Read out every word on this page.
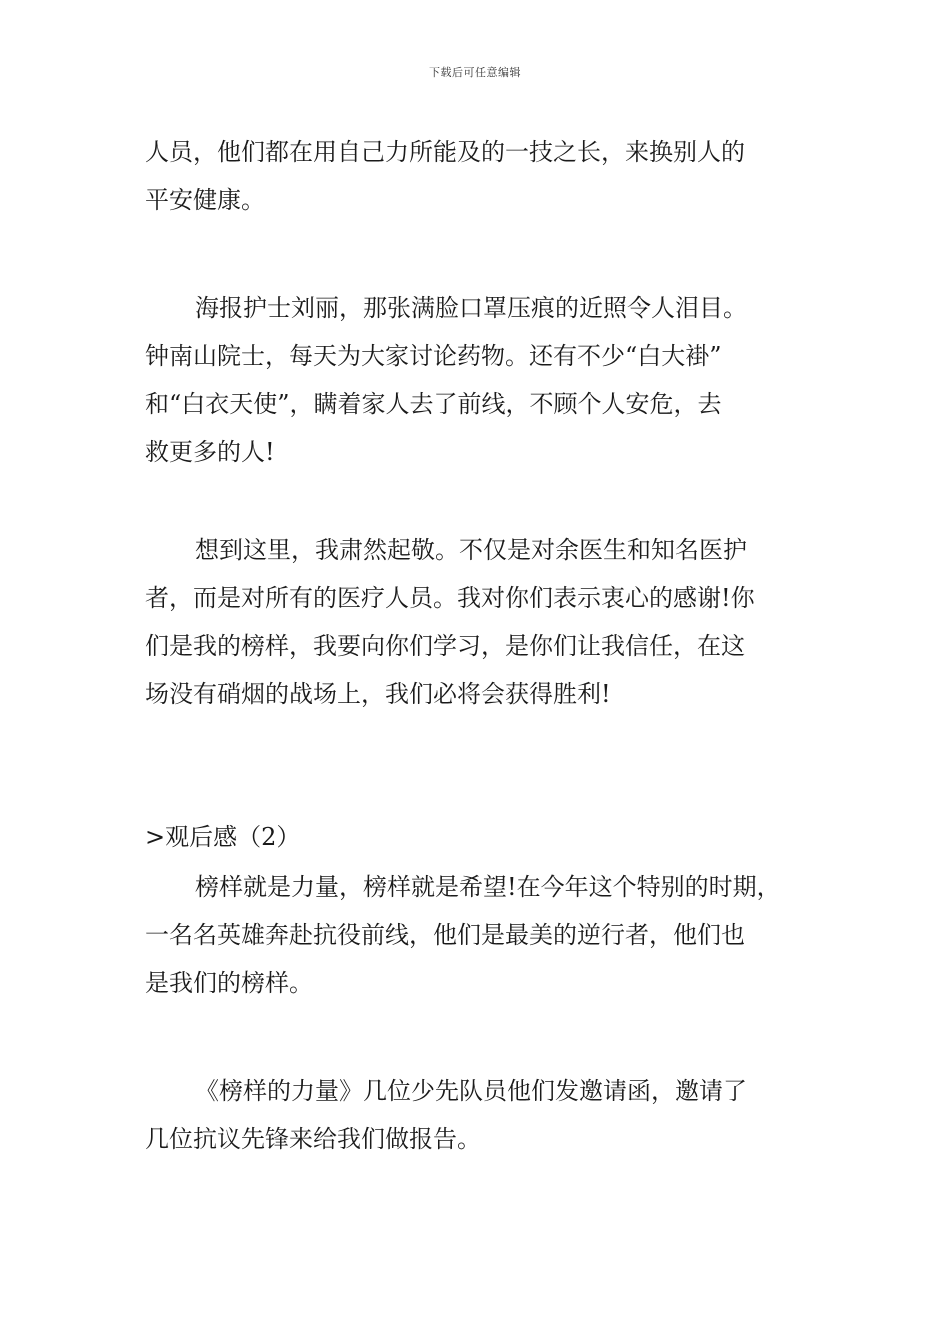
下载后可任意编辑
人员，他们都在用自己力所能及的一技之长，来换别人的
平安健康。
海报护士刘丽，那张满脸口罩压痕的近照令人泪目。
钟南山院士，每天为大家讨论药物。还有不少“白大褂”
和“白衣天使”，瞒着家人去了前线，不顾个人安危，去
救更多的人!
想到这里，我肃然起敬。不仅是对余医生和知名医护
者，而是对所有的医疗人员。我对你们表示衷心的感谢!你
们是我的榜样，我要向你们学习，是你们让我信任，在这
场没有硝烟的战场上，我们必将会获得胜利!
>观后感（2）
榜样就是力量，榜样就是希望!在今年这个特别的时期，
一名名英雄奔赴抗役前线，他们是最美的逆行者，他们也
是我们的榜样。
《榜样的力量》几位少先队员他们发邀请函，邀请了
几位抗议先锋来给我们做报告。
